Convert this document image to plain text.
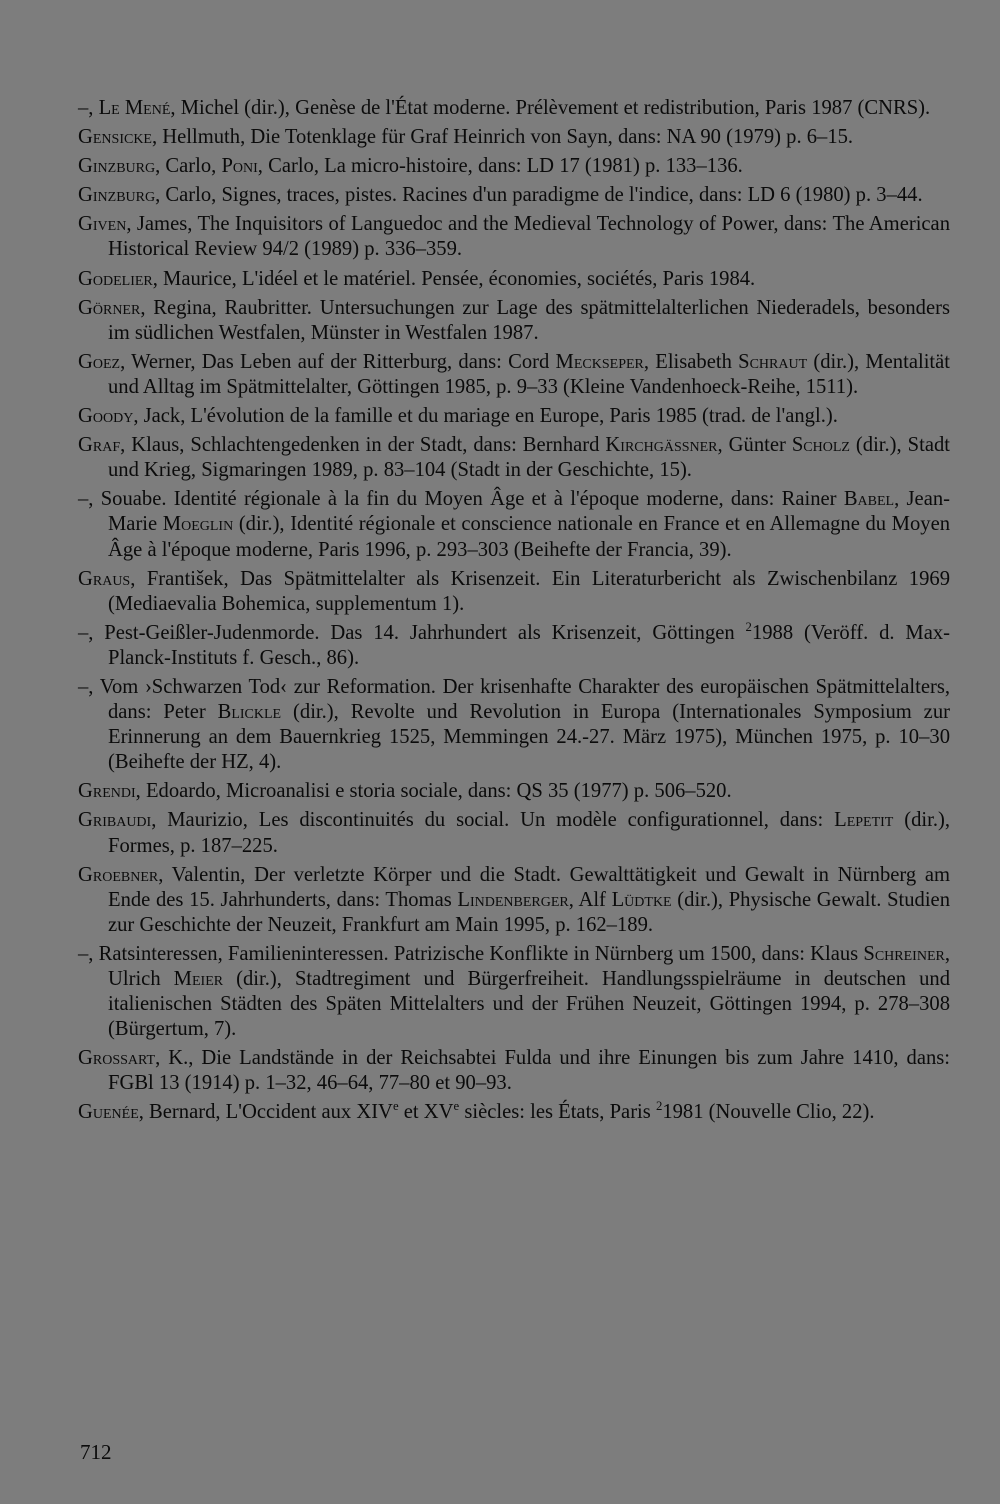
–, Le Mené, Michel (dir.), Genèse de l'État moderne. Prélèvement et redistribution, Paris 1987 (CNRS).

Gensicke, Hellmuth, Die Totenklage für Graf Heinrich von Sayn, dans: NA 90 (1979) p. 6–15.

Ginzburg, Carlo, Poni, Carlo, La micro-histoire, dans: LD 17 (1981) p. 133–136.

Ginzburg, Carlo, Signes, traces, pistes. Racines d'un paradigme de l'indice, dans: LD 6 (1980) p. 3–44.

Given, James, The Inquisitors of Languedoc and the Medieval Technology of Power, dans: The American Historical Review 94/2 (1989) p. 336–359.

Godelier, Maurice, L'idéel et le matériel. Pensée, économies, sociétés, Paris 1984.

Görner, Regina, Raubritter. Untersuchungen zur Lage des spätmittelalterlichen Niederadels, besonders im südlichen Westfalen, Münster in Westfalen 1987.

Goez, Werner, Das Leben auf der Ritterburg, dans: Cord Meckseper, Elisabeth Schraut (dir.), Mentalität und Alltag im Spätmittelalter, Göttingen 1985, p. 9–33 (Kleine Vandenhoeck-Reihe, 1511).

Goody, Jack, L'évolution de la famille et du mariage en Europe, Paris 1985 (trad. de l'angl.).

Graf, Klaus, Schlachtengedenken in der Stadt, dans: Bernhard Kirchgässner, Günter Scholz (dir.), Stadt und Krieg, Sigmaringen 1989, p. 83–104 (Stadt in der Geschichte, 15).

–, Souabe. Identité régionale à la fin du Moyen Âge et à l'époque moderne, dans: Rainer Babel, Jean-Marie Moeglin (dir.), Identité régionale et conscience nationale en France et en Allemagne du Moyen Âge à l'époque moderne, Paris 1996, p. 293–303 (Beihefte der Francia, 39).

Graus, František, Das Spätmittelalter als Krisenzeit. Ein Literaturbericht als Zwischenbilanz 1969 (Mediaevalia Bohemica, supplementum 1).

–, Pest-Geißler-Judenmorde. Das 14. Jahrhundert als Krisenzeit, Göttingen $^2$1988 (Veröff. d. Max-Planck-Instituts f. Gesch., 86).

–, Vom ›Schwarzen Tod‹ zur Reformation. Der krisenhafte Charakter des europäischen Spätmittelalters, dans: Peter Blickle (dir.), Revolte und Revolution in Europa (Internationales Symposium zur Erinnerung an dem Bauernkrieg 1525, Memmingen 24.-27. März 1975), München 1975, p. 10–30 (Beihefte der HZ, 4).

Grendi, Edoardo, Microanalisi e storia sociale, dans: QS 35 (1977) p. 506–520.

Gribaudi, Maurizio, Les discontinuités du social. Un modèle configurationnel, dans: Lepetit (dir.), Formes, p. 187–225.

Groebner, Valentin, Der verletzte Körper und die Stadt. Gewalttätigkeit und Gewalt in Nürnberg am Ende des 15. Jahrhunderts, dans: Thomas Lindenberger, Alf Lüdtke (dir.), Physische Gewalt. Studien zur Geschichte der Neuzeit, Frankfurt am Main 1995, p. 162–189.

–, Ratsinteressen, Familieninteressen. Patrizische Konflikte in Nürnberg um 1500, dans: Klaus Schreiner, Ulrich Meier (dir.), Stadtregiment und Bürgerfreiheit. Handlungsspielräume in deutschen und italienischen Städten des Späten Mittelalters und der Frühen Neuzeit, Göttingen 1994, p. 278–308 (Bürgertum, 7).

Grossart, K., Die Landstände in der Reichsabtei Fulda und ihre Einungen bis zum Jahre 1410, dans: FGBl 13 (1914) p. 1–32, 46–64, 77–80 et 90–93.

Guenée, Bernard, L'Occident aux XIVe et XVe siècles: les États, Paris $^2$1981 (Nouvelle Clio, 22).

712
